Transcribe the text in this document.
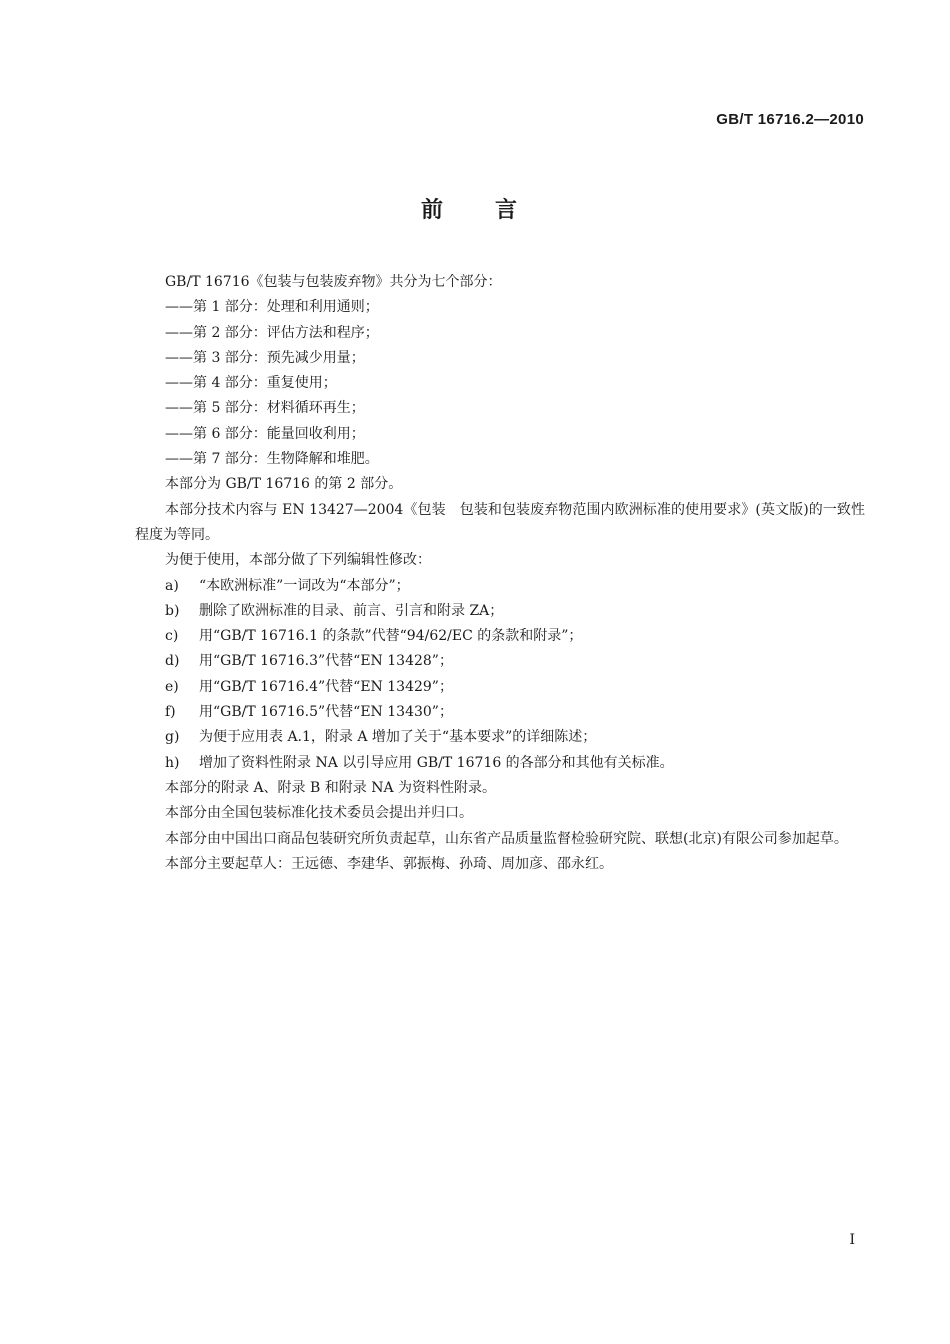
GB/T 16716.2—2010
前言

GB/T 16716《包装与包装废弃物》共分为七个部分：

——第 1 部分：处理和利用通则；

——第 2 部分：评估方法和程序；

——第 3 部分：预先减少用量；

——第 4 部分：重复使用；

——第 5 部分：材料循环再生；

——第 6 部分：能量回收利用；

——第 7 部分：生物降解和堆肥。

本部分为 GB/T 16716 的第 2 部分。

本部分技术内容与 EN 13427—2004《包装　包装和包装废弃物范围内欧洲标准的使用要求》(英文版)的一致性程度为等同。

为便于使用，本部分做了下列编辑性修改：

a) “本欧洲标准”一词改为“本部分”；

b) 删除了欧洲标准的目录、前言、引言和附录 ZA；

c) 用“GB/T 16716.1 的条款”代替“94/62/EC 的条款和附录”；

d) 用“GB/T 16716.3”代替“EN 13428”；

e) 用“GB/T 16716.4”代替“EN 13429”；

f) 用“GB/T 16716.5”代替“EN 13430”；

g) 为便于应用表 A.1，附录 A 增加了关于“基本要求”的详细陈述；

h) 增加了资料性附录 NA 以引导应用 GB/T 16716 的各部分和其他有关标准。

本部分的附录 A、附录 B 和附录 NA 为资料性附录。

本部分由全国包装标准化技术委员会提出并归口。

本部分由中国出口商品包装研究所负责起草，山东省产品质量监督检验研究院、联想(北京)有限公司参加起草。

本部分主要起草人：王远德、李建华、郭振梅、孙琦、周加彦、邵永红。

I
